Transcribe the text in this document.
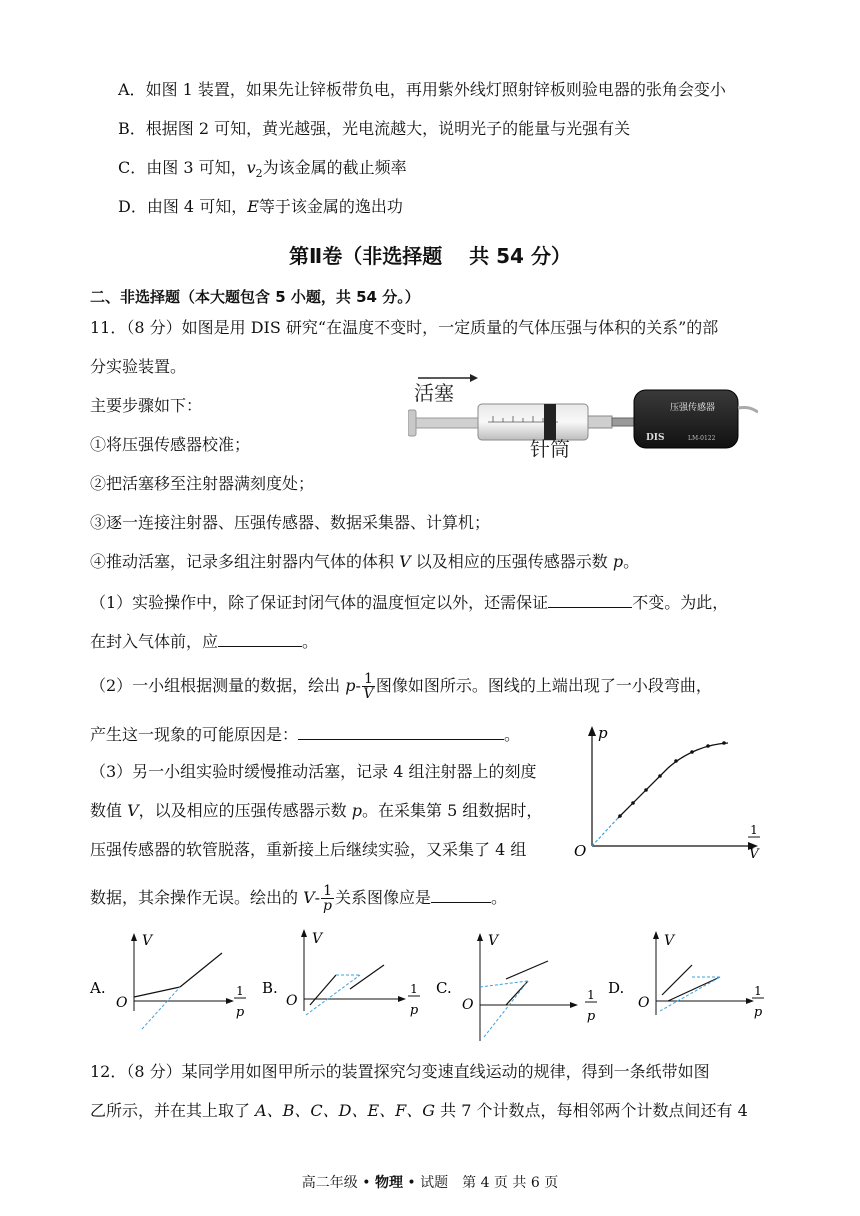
A．如图 1 装置，如果先让锌板带负电，再用紫外线灯照射锌板则验电器的张角会变小
B．根据图 2 可知，黄光越强，光电流越大，说明光子的能量与光强有关
C．由图 3 可知，$v_2$为该金属的截止频率
D．由图 4 可知，E等于该金属的逸出功
第Ⅱ卷（非选择题　 共 54 分）
二、非选择题（本大题包含 5 小题，共 54 分。）
11．（8 分）如图是用 DIS 研究“在温度不变时，一定质量的气体压强与体积的关系”的部
分实验装置。
主要步骤如下：
①将压强传感器校准；
②把活塞移至注射器满刻度处；
③逐一连接注射器、压强传感器、数据采集器、计算机；
④推动活塞，记录多组注射器内气体的体积 V 以及相应的压强传感器示数 p。
活塞
压强传感器
DIS	LM-0122
针筒
（1）实验操作中，除了保证封闭气体的温度恒定以外，还需保证	不变。为此，
在封入气体前，应	。
（2）一小组根据测量的数据，绘出 $p- \frac{1}{V}$ 图像如图所示。图线的上端出现了一小段弯曲，
产生这一现象的可能原因是：	。
（3）另一小组实验时缓慢推动活塞，记录 4 组注射器上的刻度
数值 V，以及相应的压强传感器示数 p。在采集第 5 组数据时，
压强传感器的软管脱落，重新接上后继续实验，又采集了 4 组
数据，其余操作无误。绘出的 $V- \frac{1}{p}$ 关系图像应是	。
p
O
1
V
A.
V
O
1
p
B.
V
O
1
p
C.
V
O
1
p
D.
V
O
1
p
12．（8 分）某同学用如图甲所示的装置探究匀变速直线运动的规律，得到一条纸带如图
乙所示，并在其上取了 A、B、C、D、E、F、G 共 7 个计数点，每相邻两个计数点间还有 4
高二年级 • 物理 • 试题　第 4 页 共 6 页
